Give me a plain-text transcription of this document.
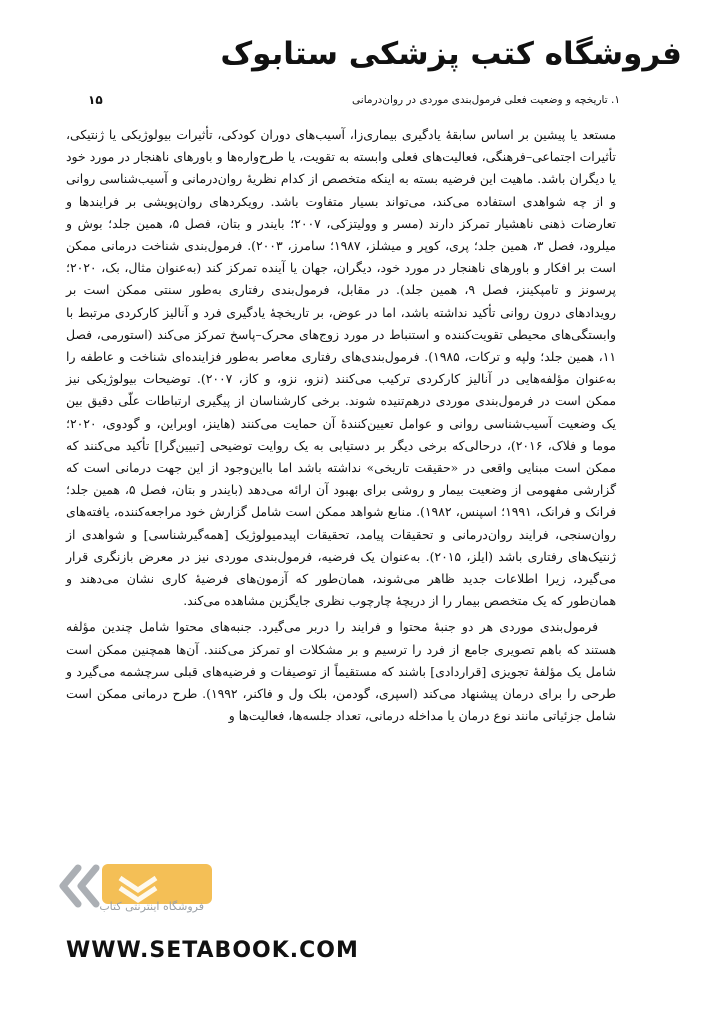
فروشگاه کتب پزشکی ستابوک
۱. تاریخچه و وضعیت فعلی فرمول‌بندی موردی در روان‌درمانی
۱۵

مستعد یا پیشین بر اساس سابقهٔ یادگیری بیماری‌زا، آسیب‌های دوران کودکی، تأثیرات بیولوژیکی یا ژنتیکی، تأثیرات اجتماعی–فرهنگی، فعالیت‌های فعلی وابسته به تقویت، یا طرح‌واره‌ها و باورهای ناهنجار در مورد خود یا دیگران باشد. ماهیت این فرضیه بسته به اینکه متخصص از کدام نظریهٔ روان‌درمانی و آسیب‌شناسی روانی و از چه شواهدی استفاده می‌کند، می‌تواند بسیار متفاوت باشد. رویکردهای روان‌پویشی بر فرایندها و تعارضات ذهنی ناهشیار تمرکز دارند (مسر و وولیتزکی، ۲۰۰۷؛ بایندر و بتان، فصل ۵، همین جلد؛ بوش و میلرود، فصل ۳، همین جلد؛ پری، کوپر و میشلز، ۱۹۸۷؛ سامرز، ۲۰۰۳). فرمول‌بندی شناخت درمانی ممکن است بر افکار و باورهای ناهنجار در مورد خود، دیگران، جهان یا آینده تمرکز کند (به‌عنوان مثال، بک، ۲۰۲۰؛ پرسونز و تامپکینز، فصل ۹، همین جلد). در مقابل، فرمول‌بندی رفتاری به‌طور سنتی ممکن است بر رویدادهای درون روانی تأکید نداشته باشد، اما در عوض، بر تاریخچهٔ یادگیری فرد و آنالیز کارکردی مرتبط با وابستگی‌های محیطی تقویت‌کننده و استنباط در مورد زوج‌های محرک–پاسخ تمرکز می‌کند (استورمی، فصل ۱۱، همین جلد؛ ولپه و ترکات، ۱۹۸۵). فرمول‌بندی‌های رفتاری معاصر به‌طور فزاینده‌ای شناخت و عاطفه را به‌عنوان مؤلفه‌هایی در آنالیز کارکردی ترکیب می‌کنند (نزو، نزو، و کاز، ۲۰۰۷). توضیحات بیولوژیکی نیز ممکن است در فرمول‌بندی موردی درهم‌تنیده شوند. برخی کارشناسان از پیگیری ارتباطات علّی دقیق بین یک وضعیت آسیب‌شناسی روانی و عوامل تعیین‌کنندهٔ آن حمایت می‌کنند (هاینز، اوبراین، و گودوی، ۲۰۲۰؛ موما و فلاک، ۲۰۱۶)، درحالی‌که برخی دیگر بر دستیابی به یک روایت توضیحی [تبیین‌گرا] تأکید می‌کنند که ممکن است مبنایی واقعی در «حقیقت تاریخی» نداشته باشد اما بااین‌وجود از این جهت درمانی است که گزارشی مفهومی از وضعیت بیمار و روشی برای بهبود آن ارائه می‌دهد (بایندر و بتان، فصل ۵، همین جلد؛ فرانک و فرانک، ۱۹۹۱؛ اسپنس، ۱۹۸۲). منابع شواهد ممکن است شامل گزارش خود مراجعه‌کننده، یافته‌های روان‌سنجی، فرایند روان‌درمانی و تحقیقات پیامد، تحقیقات اپیدمیولوژیک [همه‌گیرشناسی] و شواهدی از ژنتیک‌های رفتاری باشد (ایلز، ۲۰۱۵). به‌عنوان یک فرضیه، فرمول‌بندی موردی نیز در معرض بازنگری قرار می‌گیرد، زیرا اطلاعات جدید ظاهر می‌شوند، همان‌طور که آزمون‌های فرضیهٔ کاری نشان می‌دهند و همان‌طور که یک متخصص بیمار را از دریچهٔ چارچوب نظری جایگزین مشاهده می‌کند.

فرمول‌بندی موردی هر دو جنبهٔ محتوا و فرایند را دربر می‌گیرد. جنبه‌های محتوا شامل چندین مؤلفه هستند که باهم تصویری جامع از فرد را ترسیم و بر مشکلات او تمرکز می‌کنند. آن‌ها همچنین ممکن است شامل یک مؤلفهٔ تجویزی [قراردادی] باشند که مستقیماً از توصیفات و فرضیه‌های قبلی سرچشمه می‌گیرد و طرحی را برای درمان پیشنهاد می‌کند (اسپری، گودمن، بلک ول و فاکنر، ۱۹۹۲). طرح درمانی ممکن است شامل جزئیاتی مانند نوع درمان یا مداخله درمانی، تعداد جلسه‌ها، فعالیت‌ها و

فروشگاه اینترنتی کتاب
WWW.SETABOOK.COM
